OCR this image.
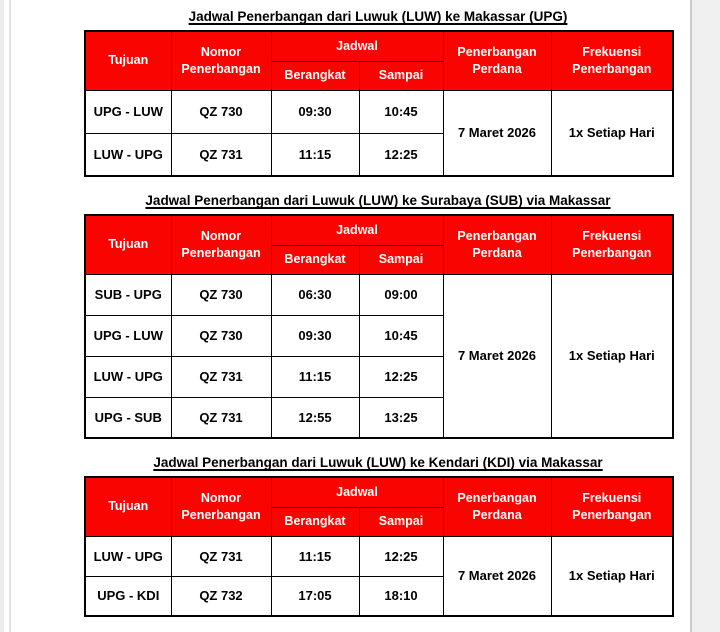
Jadwal Penerbangan dari Luwuk (LUW) ke Makassar (UPG)
Tujuan	Nomor Penerbangan	Jadwal		Penerbangan Perdana	Frekuensi Penerbangan
		Berangkat	Sampai		
UPG - LUW	QZ 730	09:30	10:45	7 Maret 2026	1x Setiap Hari
LUW - UPG	QZ 731	11:15	12:25		
Jadwal Penerbangan dari Luwuk (LUW) ke Surabaya (SUB) via Makassar
Tujuan	Nomor Penerbangan	Jadwal		Penerbangan Perdana	Frekuensi Penerbangan
		Berangkat	Sampai		
SUB - UPG	QZ 730	06:30	09:00	7 Maret 2026	1x Setiap Hari
UPG - LUW	QZ 730	09:30	10:45		
LUW - UPG	QZ 731	11:15	12:25		
UPG - SUB	QZ 731	12:55	13:25		
Jadwal Penerbangan dari Luwuk (LUW) ke Kendari (KDI) via Makassar
Tujuan	Nomor Penerbangan	Jadwal		Penerbangan Perdana	Frekuensi Penerbangan
		Berangkat	Sampai		
LUW - UPG	QZ 731	11:15	12:25	7 Maret 2026	1x Setiap Hari
UPG - KDI	QZ 732	17:05	18:10		
